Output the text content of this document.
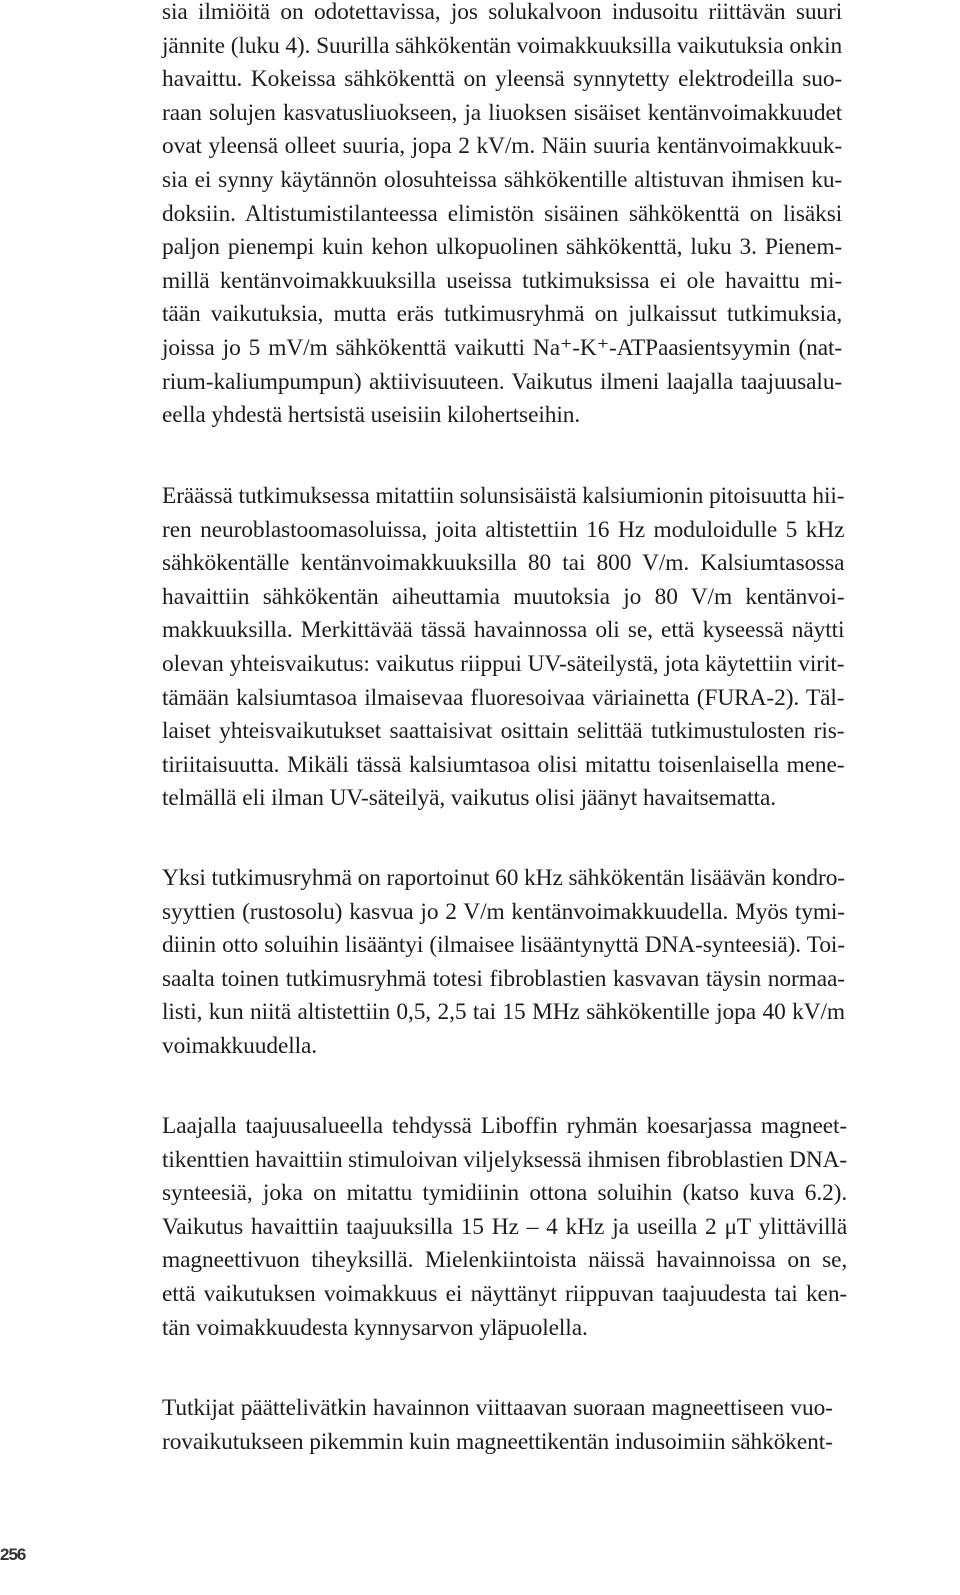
sia ilmiöitä on odotettavissa, jos solukalvoon indusoitu riittävän suuri
jännite (luku 4). Suurilla sähkökentän voimakkuuksilla vaikutuksia onkin
havaittu. Kokeissa sähkökenttä on yleensä synnytetty elektrodeilla suo-
raan solujen kasvatusliuokseen, ja liuoksen sisäiset kentänvoimakkuudet
ovat yleensä olleet suuria, jopa 2 kV/m. Näin suuria kentänvoimakkuuk-
sia ei synny käytännön olosuhteissa sähkökentille altistuvan ihmisen ku-
doksiin. Altistumistilanteessa elimistön sisäinen sähkökenttä on lisäksi
paljon pienempi kuin kehon ulkopuolinen sähkökenttä, luku 3. Pienem-
millä kentänvoimakkuuksilla useissa tutkimuksissa ei ole havaittu mi-
tään vaikutuksia, mutta eräs tutkimusryhmä on julkaissut tutkimuksia,
joissa jo 5 mV/m sähkökenttä vaikutti Na⁺-K⁺-ATPaasientsyymin (nat-
rium-kaliumpumpun) aktiivisuuteen. Vaikutus ilmeni laajalla taajuusalu-
eella yhdestä hertsistä useisiin kilohertseihin.
Eräässä tutkimuksessa mitattiin solunsisäistä kalsiumionin pitoisuutta hii-
ren neuroblastoomasoluissa, joita altistettiin 16 Hz moduloidulle 5 kHz
sähkökentälle kentänvoimakkuuksilla 80 tai 800 V/m. Kalsiumtasossa
havaittiin sähkökentän aiheuttamia muutoksia jo 80 V/m kentänvoi-
makkuuksilla. Merkittävää tässä havainnossa oli se, että kyseessä näytti
olevan yhteisvaikutus: vaikutus riippui UV-säteilystä, jota käytettiin virit-
tämään kalsiumtasoa ilmaisevaa fluoresoivaa väriainetta (FURA-2). Täl-
laiset yhteisvaikutukset saattaisivat osittain selittää tutkimustulosten ris-
tiriitaisuutta. Mikäli tässä kalsiumtasoa olisi mitattu toisenlaisella mene-
telmällä eli ilman UV-säteilyä, vaikutus olisi jäänyt havaitsematta.
Yksi tutkimusryhmä on raportoinut 60 kHz sähkökentän lisäävän kondro-
syyttien (rustosolu) kasvua jo 2 V/m kentänvoimakkuudella. Myös tymi-
diinin otto soluihin lisääntyi (ilmaisee lisääntynyttä DNA-synteesiä). Toi-
saalta toinen tutkimusryhmä totesi fibroblastien kasvavan täysin normaa-
listi, kun niitä altistettiin 0,5, 2,5 tai 15 MHz sähkökentille jopa 40 kV/m
voimakkuudella.
Laajalla taajuusalueella tehdyssä Liboffin ryhmän koesarjassa magneet-
tikenttien havaittiin stimuloivan viljelyksessä ihmisen fibroblastien DNA-
synteesiä, joka on mitattu tymidiinin ottona soluihin (katso kuva 6.2).
Vaikutus havaittiin taajuuksilla 15 Hz – 4 kHz ja useilla 2 μT ylittävillä
magneettivuon tiheyksillä. Mielenkiintoista näissä havainnoissa on se,
että vaikutuksen voimakkuus ei näyttänyt riippuvan taajuudesta tai ken-
tän voimakkuudesta kynnysarvon yläpuolella.
Tutkijat päättelivätkin havainnon viittaavan suoraan magneettiseen vuo-
rovaikutukseen pikemmin kuin magneettikentän indusoimiin sähkökent-
256
